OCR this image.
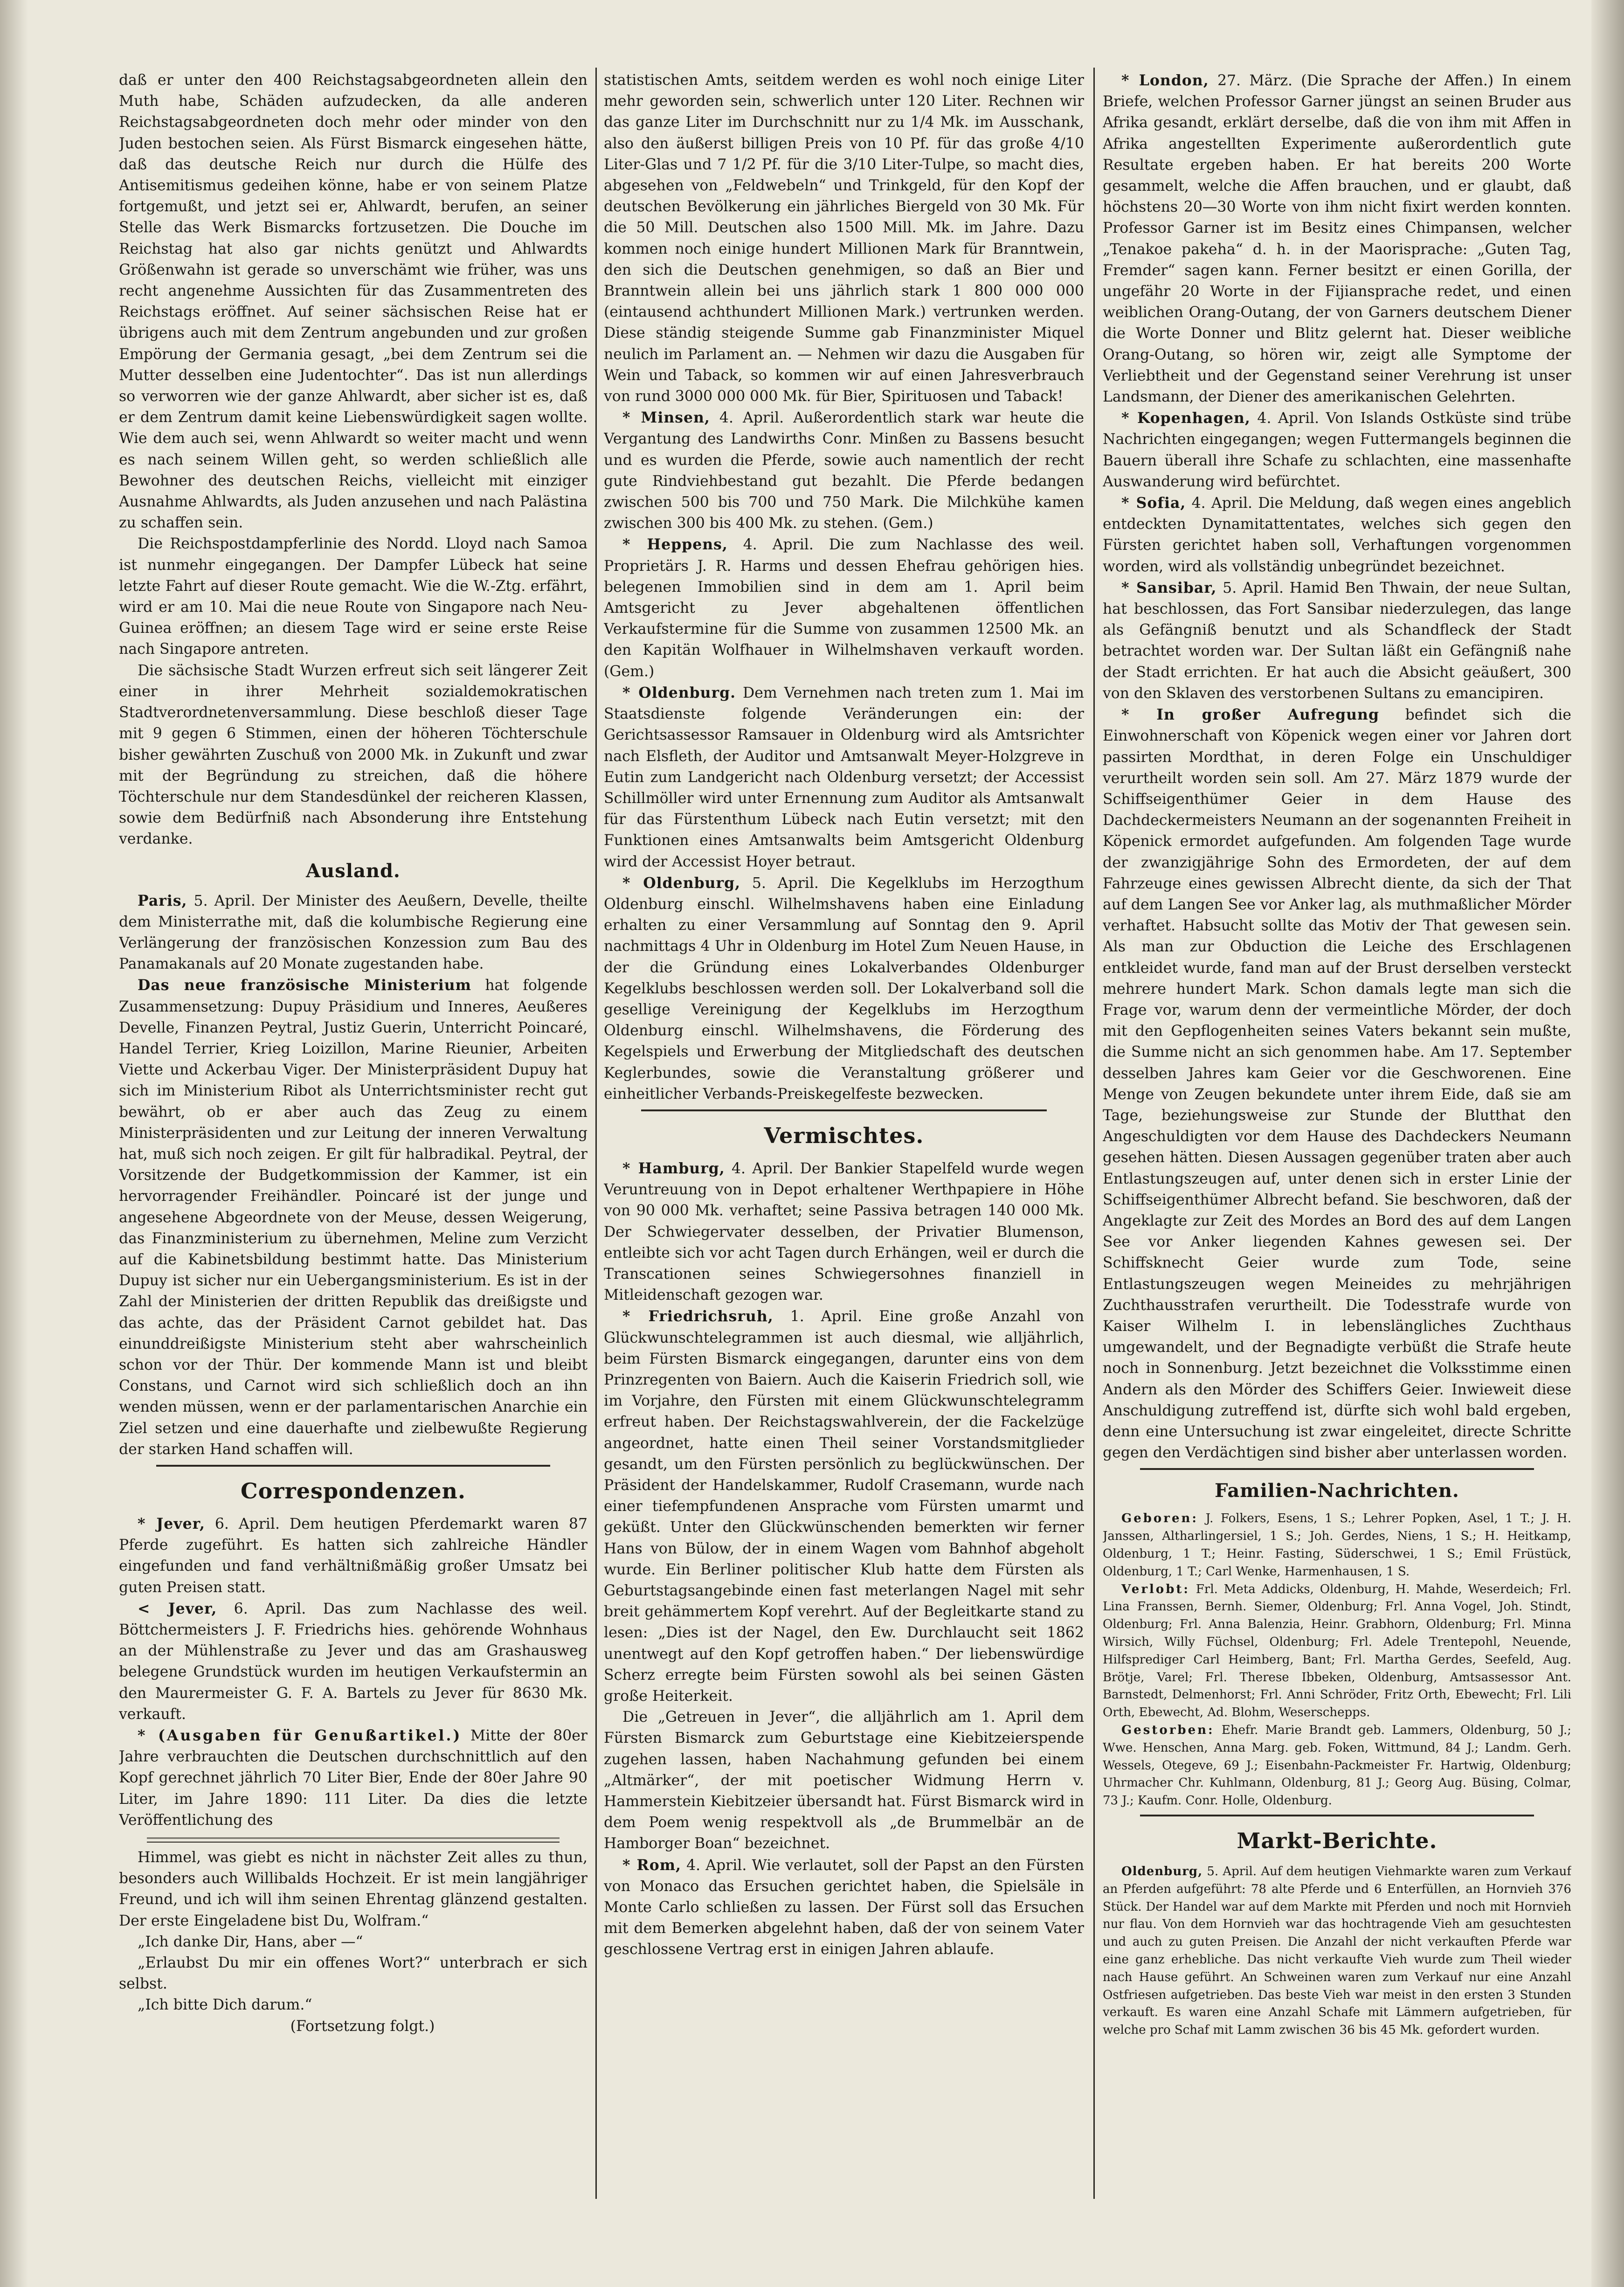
daß er unter den 400 Reichstagsabgeordneten allein den Muth habe, Schäden aufzudecken, da alle anderen Reichstagsabgeordneten doch mehr oder minder von den Juden bestochen seien. Als Fürst Bismarck eingesehen hätte, daß das deutsche Reich nur durch die Hülfe des Antisemitismus gedeihen könne, habe er von seinem Platze fortgemußt, und jetzt sei er, Ahlwardt, berufen, an seiner Stelle das Werk Bismarcks fortzusetzen. Die Douche im Reichstag hat also gar nichts genützt und Ahlwardts Größenwahn ist gerade so unverschämt wie früher, was uns recht angenehme Aussichten für das Zusammentreten des Reichstags eröffnet. Auf seiner sächsischen Reise hat er übrigens auch mit dem Zentrum angebunden und zur großen Empörung der Germania gesagt, „bei dem Zentrum sei die Mutter desselben eine Judentochter“. Das ist nun allerdings so verworren wie der ganze Ahlwardt, aber sicher ist es, daß er dem Zentrum damit keine Liebenswürdigkeit sagen wollte. Wie dem auch sei, wenn Ahlwardt so weiter macht und wenn es nach seinem Willen geht, so werden schließlich alle Bewohner des deutschen Reichs, vielleicht mit einziger Ausnahme Ahlwardts, als Juden anzusehen und nach Palästina zu schaffen sein.

Die Reichspostdampferlinie des Nordd. Lloyd nach Samoa ist nunmehr eingegangen. Der Dampfer Lübeck hat seine letzte Fahrt auf dieser Route gemacht. Wie die W.-Ztg. erfährt, wird er am 10. Mai die neue Route von Singapore nach Neu-Guinea eröffnen; an diesem Tage wird er seine erste Reise nach Singapore antreten.

Die sächsische Stadt Wurzen erfreut sich seit längerer Zeit einer in ihrer Mehrheit sozialdemokratischen Stadtverordnetenversammlung. Diese beschloß dieser Tage mit 9 gegen 6 Stimmen, einen der höheren Töchterschule bisher gewährten Zuschuß von 2000 Mk. in Zukunft und zwar mit der Begründung zu streichen, daß die höhere Töchterschule nur dem Standesdünkel der reicheren Klassen, sowie dem Bedürfniß nach Absonderung ihre Entstehung verdanke.

Ausland.

Paris, 5. April. Der Minister des Aeußern, Develle, theilte dem Ministerrathe mit, daß die kolumbische Regierung eine Verlängerung der französischen Konzession zum Bau des Panamakanals auf 20 Monate zugestanden habe.

Das neue französische Ministerium hat folgende Zusammensetzung: Dupuy Präsidium und Inneres, Aeußeres Develle, Finanzen Peytral, Justiz Guerin, Unterricht Poincaré, Handel Terrier, Krieg Loizillon, Marine Rieunier, Arbeiten Viette und Ackerbau Viger. Der Ministerpräsident Dupuy hat sich im Ministerium Ribot als Unterrichtsminister recht gut bewährt, ob er aber auch das Zeug zu einem Ministerpräsidenten und zur Leitung der inneren Verwaltung hat, muß sich noch zeigen. Er gilt für halbradikal. Peytral, der Vorsitzende der Budgetkommission der Kammer, ist ein hervorragender Freihändler. Poincaré ist der junge und angesehene Abgeordnete von der Meuse, dessen Weigerung, das Finanzministerium zu übernehmen, Meline zum Verzicht auf die Kabinetsbildung bestimmt hatte. Das Ministerium Dupuy ist sicher nur ein Uebergangsministerium. Es ist in der Zahl der Ministerien der dritten Republik das dreißigste und das achte, das der Präsident Carnot gebildet hat. Das einunddreißigste Ministerium steht aber wahrscheinlich schon vor der Thür. Der kommende Mann ist und bleibt Constans, und Carnot wird sich schließlich doch an ihn wenden müssen, wenn er der parlamentarischen Anarchie ein Ziel setzen und eine dauerhafte und zielbewußte Regierung der starken Hand schaffen will.

Correspondenzen.

* Jever, 6. April. Dem heutigen Pferdemarkt waren 87 Pferde zugeführt. Es hatten sich zahlreiche Händler eingefunden und fand verhältnißmäßig großer Umsatz bei guten Preisen statt.

< Jever, 6. April. Das zum Nachlasse des weil. Böttchermeisters J. F. Friedrichs hies. gehörende Wohnhaus an der Mühlenstraße zu Jever und das am Grashausweg belegene Grundstück wurden im heutigen Verkaufstermin an den Maurermeister G. F. A. Bartels zu Jever für 8630 Mk. verkauft.

* (Ausgaben für Genußartikel.) Mitte der 80er Jahre verbrauchten die Deutschen durchschnittlich auf den Kopf gerechnet jährlich 70 Liter Bier, Ende der 80er Jahre 90 Liter, im Jahre 1890: 111 Liter. Da dies die letzte Veröffentlichung des

Himmel, was giebt es nicht in nächster Zeit alles zu thun, besonders auch Willibalds Hochzeit. Er ist mein langjähriger Freund, und ich will ihm seinen Ehrentag glänzend gestalten. Der erste Eingeladene bist Du, Wolfram.“

„Ich danke Dir, Hans, aber —“

„Erlaubst Du mir ein offenes Wort?“ unterbrach er sich selbst.

„Ich bitte Dich darum.“

(Fortsetzung folgt.)

statistischen Amts, seitdem werden es wohl noch einige Liter mehr geworden sein, schwerlich unter 120 Liter. Rechnen wir das ganze Liter im Durchschnitt nur zu 1/4 Mk. im Ausschank, also den äußerst billigen Preis von 10 Pf. für das große 4/10 Liter-Glas und 7 1/2 Pf. für die 3/10 Liter-Tulpe, so macht dies, abgesehen von „Feldwebeln“ und Trinkgeld, für den Kopf der deutschen Bevölkerung ein jährliches Biergeld von 30 Mk. Für die 50 Mill. Deutschen also 1500 Mill. Mk. im Jahre. Dazu kommen noch einige hundert Millionen Mark für Branntwein, den sich die Deutschen genehmigen, so daß an Bier und Branntwein allein bei uns jährlich stark 1 800 000 000 (eintausend achthundert Millionen Mark.) vertrunken werden. Diese ständig steigende Summe gab Finanzminister Miquel neulich im Parlament an. — Nehmen wir dazu die Ausgaben für Wein und Taback, so kommen wir auf einen Jahresverbrauch von rund 3000 000 000 Mk. für Bier, Spirituosen und Taback!

* Minsen, 4. April. Außerordentlich stark war heute die Vergantung des Landwirths Conr. Minßen zu Bassens besucht und es wurden die Pferde, sowie auch namentlich der recht gute Rindviehbestand gut bezahlt. Die Pferde bedangen zwischen 500 bis 700 und 750 Mark. Die Milchkühe kamen zwischen 300 bis 400 Mk. zu stehen. (Gem.)

* Heppens, 4. April. Die zum Nachlasse des weil. Proprietärs J. R. Harms und dessen Ehefrau gehörigen hies. belegenen Immobilien sind in dem am 1. April beim Amtsgericht zu Jever abgehaltenen öffentlichen Verkaufstermine für die Summe von zusammen 12500 Mk. an den Kapitän Wolfhauer in Wilhelmshaven verkauft worden. (Gem.)

* Oldenburg. Dem Vernehmen nach treten zum 1. Mai im Staatsdienste folgende Veränderungen ein: der Gerichtsassessor Ramsauer in Oldenburg wird als Amtsrichter nach Elsfleth, der Auditor und Amtsanwalt Meyer-Holzgreve in Eutin zum Landgericht nach Oldenburg versetzt; der Accessist Schillmöller wird unter Ernennung zum Auditor als Amtsanwalt für das Fürstenthum Lübeck nach Eutin versetzt; mit den Funktionen eines Amtsanwalts beim Amtsgericht Oldenburg wird der Accessist Hoyer betraut.

* Oldenburg, 5. April. Die Kegelklubs im Herzogthum Oldenburg einschl. Wilhelmshavens haben eine Einladung erhalten zu einer Versammlung auf Sonntag den 9. April nachmittags 4 Uhr in Oldenburg im Hotel Zum Neuen Hause, in der die Gründung eines Lokalverbandes Oldenburger Kegelklubs beschlossen werden soll. Der Lokalverband soll die gesellige Vereinigung der Kegelklubs im Herzogthum Oldenburg einschl. Wilhelmshavens, die Förderung des Kegelspiels und Erwerbung der Mitgliedschaft des deutschen Keglerbundes, sowie die Veranstaltung größerer und einheitlicher Verbands-Preiskegelfeste bezwecken.

Vermischtes.

* Hamburg, 4. April. Der Bankier Stapelfeld wurde wegen Veruntreuung von in Depot erhaltener Werthpapiere in Höhe von 90 000 Mk. verhaftet; seine Passiva betragen 140 000 Mk. Der Schwiegervater desselben, der Privatier Blumenson, entleibte sich vor acht Tagen durch Erhängen, weil er durch die Transcationen seines Schwiegersohnes finanziell in Mitleidenschaft gezogen war.

* Friedrichsruh, 1. April. Eine große Anzahl von Glückwunschtelegrammen ist auch diesmal, wie alljährlich, beim Fürsten Bismarck eingegangen, darunter eins von dem Prinzregenten von Baiern. Auch die Kaiserin Friedrich soll, wie im Vorjahre, den Fürsten mit einem Glückwunschtelegramm erfreut haben. Der Reichstagswahlverein, der die Fackelzüge angeordnet, hatte einen Theil seiner Vorstandsmitglieder gesandt, um den Fürsten persönlich zu beglückwünschen. Der Präsident der Handelskammer, Rudolf Crasemann, wurde nach einer tiefempfundenen Ansprache vom Fürsten umarmt und geküßt. Unter den Glückwünschenden bemerkten wir ferner Hans von Bülow, der in einem Wagen vom Bahnhof abgeholt wurde. Ein Berliner politischer Klub hatte dem Fürsten als Geburtstagsangebinde einen fast meterlangen Nagel mit sehr breit gehämmertem Kopf verehrt. Auf der Begleitkarte stand zu lesen: „Dies ist der Nagel, den Ew. Durchlaucht seit 1862 unentwegt auf den Kopf getroffen haben.“ Der liebenswürdige Scherz erregte beim Fürsten sowohl als bei seinen Gästen große Heiterkeit.

Die „Getreuen in Jever“, die alljährlich am 1. April dem Fürsten Bismarck zum Geburtstage eine Kiebitzeierspende zugehen lassen, haben Nachahmung gefunden bei einem „Altmärker“, der mit poetischer Widmung Herrn v. Hammerstein Kiebitzeier übersandt hat. Fürst Bismarck wird in dem Poem wenig respektvoll als „de Brummelbär an de Hamborger Boan“ bezeichnet.

* Rom, 4. April. Wie verlautet, soll der Papst an den Fürsten von Monaco das Ersuchen gerichtet haben, die Spielsäle in Monte Carlo schließen zu lassen. Der Fürst soll das Ersuchen mit dem Bemerken abgelehnt haben, daß der von seinem Vater geschlossene Vertrag erst in einigen Jahren ablaufe.

* London, 27. März. (Die Sprache der Affen.) In einem Briefe, welchen Professor Garner jüngst an seinen Bruder aus Afrika gesandt, erklärt derselbe, daß die von ihm mit Affen in Afrika angestellten Experimente außerordentlich gute Resultate ergeben haben. Er hat bereits 200 Worte gesammelt, welche die Affen brauchen, und er glaubt, daß höchstens 20—30 Worte von ihm nicht fixirt werden konnten. Professor Garner ist im Besitz eines Chimpansen, welcher „Tenakoe pakeha“ d. h. in der Maorisprache: „Guten Tag, Fremder“ sagen kann. Ferner besitzt er einen Gorilla, der ungefähr 20 Worte in der Fijiansprache redet, und einen weiblichen Orang-Outang, der von Garners deutschem Diener die Worte Donner und Blitz gelernt hat. Dieser weibliche Orang-Outang, so hören wir, zeigt alle Symptome der Verliebtheit und der Gegenstand seiner Verehrung ist unser Landsmann, der Diener des amerikanischen Gelehrten.

* Kopenhagen, 4. April. Von Islands Ostküste sind trübe Nachrichten eingegangen; wegen Futtermangels beginnen die Bauern überall ihre Schafe zu schlachten, eine massenhafte Auswanderung wird befürchtet.

* Sofia, 4. April. Die Meldung, daß wegen eines angeblich entdeckten Dynamitattentates, welches sich gegen den Fürsten gerichtet haben soll, Verhaftungen vorgenommen worden, wird als vollständig unbegründet bezeichnet.

* Sansibar, 5. April. Hamid Ben Thwain, der neue Sultan, hat beschlossen, das Fort Sansibar niederzulegen, das lange als Gefängniß benutzt und als Schandfleck der Stadt betrachtet worden war. Der Sultan läßt ein Gefängniß nahe der Stadt errichten. Er hat auch die Absicht geäußert, 300 von den Sklaven des verstorbenen Sultans zu emancipiren.

* In großer Aufregung befindet sich die Einwohnerschaft von Köpenick wegen einer vor Jahren dort passirten Mordthat, in deren Folge ein Unschuldiger verurtheilt worden sein soll. Am 27. März 1879 wurde der Schiffseigenthümer Geier in dem Hause des Dachdeckermeisters Neumann an der sogenannten Freiheit in Köpenick ermordet aufgefunden. Am folgenden Tage wurde der zwanzigjährige Sohn des Ermordeten, der auf dem Fahrzeuge eines gewissen Albrecht diente, da sich der That auf dem Langen See vor Anker lag, als muthmaßlicher Mörder verhaftet. Habsucht sollte das Motiv der That gewesen sein. Als man zur Obduction die Leiche des Erschlagenen entkleidet wurde, fand man auf der Brust derselben versteckt mehrere hundert Mark. Schon damals legte man sich die Frage vor, warum denn der vermeintliche Mörder, der doch mit den Gepflogenheiten seines Vaters bekannt sein mußte, die Summe nicht an sich genommen habe. Am 17. September desselben Jahres kam Geier vor die Geschworenen. Eine Menge von Zeugen bekundete unter ihrem Eide, daß sie am Tage, beziehungsweise zur Stunde der Blutthat den Angeschuldigten vor dem Hause des Dachdeckers Neumann gesehen hätten. Diesen Aussagen gegenüber traten aber auch Entlastungszeugen auf, unter denen sich in erster Linie der Schiffseigenthümer Albrecht befand. Sie beschworen, daß der Angeklagte zur Zeit des Mordes an Bord des auf dem Langen See vor Anker liegenden Kahnes gewesen sei. Der Schiffsknecht Geier wurde zum Tode, seine Entlastungszeugen wegen Meineides zu mehrjährigen Zuchthausstrafen verurtheilt. Die Todesstrafe wurde von Kaiser Wilhelm I. in lebenslängliches Zuchthaus umgewandelt, und der Begnadigte verbüßt die Strafe heute noch in Sonnenburg. Jetzt bezeichnet die Volksstimme einen Andern als den Mörder des Schiffers Geier. Inwieweit diese Anschuldigung zutreffend ist, dürfte sich wohl bald ergeben, denn eine Untersuchung ist zwar eingeleitet, directe Schritte gegen den Verdächtigen sind bisher aber unterlassen worden.

Familien-Nachrichten.

Geboren: J. Folkers, Esens, 1 S.; Lehrer Popken, Asel, 1 T.; J. H. Janssen, Altharlingersiel, 1 S.; Joh. Gerdes, Niens, 1 S.; H. Heitkamp, Oldenburg, 1 T.; Heinr. Fasting, Süderschwei, 1 S.; Emil Früstück, Oldenburg, 1 T.; Carl Wenke, Harmenhausen, 1 S.

Verlobt: Frl. Meta Addicks, Oldenburg, H. Mahde, Weserdeich; Frl. Lina Franssen, Bernh. Siemer, Oldenburg; Frl. Anna Vogel, Joh. Stindt, Oldenburg; Frl. Anna Balenzia, Heinr. Grabhorn, Oldenburg; Frl. Minna Wirsich, Willy Füchsel, Oldenburg; Frl. Adele Trentepohl, Neuende, Hilfsprediger Carl Heimberg, Bant; Frl. Martha Gerdes, Seefeld, Aug. Brötje, Varel; Frl. Therese Ibbeken, Oldenburg, Amtsassessor Ant. Barnstedt, Delmenhorst; Frl. Anni Schröder, Fritz Orth, Ebewecht; Frl. Lili Orth, Ebewecht, Ad. Blohm, Weserschepps.

Gestorben: Ehefr. Marie Brandt geb. Lammers, Oldenburg, 50 J.; Wwe. Henschen, Anna Marg. geb. Foken, Wittmund, 84 J.; Landm. Gerh. Wessels, Otegeve, 69 J.; Eisenbahn-Packmeister Fr. Hartwig, Oldenburg; Uhrmacher Chr. Kuhlmann, Oldenburg, 81 J.; Georg Aug. Büsing, Colmar, 73 J.; Kaufm. Conr. Holle, Oldenburg.

Markt-Berichte.

Oldenburg, 5. April. Auf dem heutigen Viehmarkte waren zum Verkauf an Pferden aufgeführt: 78 alte Pferde und 6 Enterfüllen, an Hornvieh 376 Stück. Der Handel war auf dem Markte mit Pferden und noch mit Hornvieh nur flau. Von dem Hornvieh war das hochtragende Vieh am gesuchtesten und auch zu guten Preisen. Die Anzahl der nicht verkauften Pferde war eine ganz erhebliche. Das nicht verkaufte Vieh wurde zum Theil wieder nach Hause geführt. An Schweinen waren zum Verkauf nur eine Anzahl Ostfriesen aufgetrieben. Das beste Vieh war meist in den ersten 3 Stunden verkauft. Es waren eine Anzahl Schafe mit Lämmern aufgetrieben, für welche pro Schaf mit Lamm zwischen 36 bis 45 Mk. gefordert wurden.
